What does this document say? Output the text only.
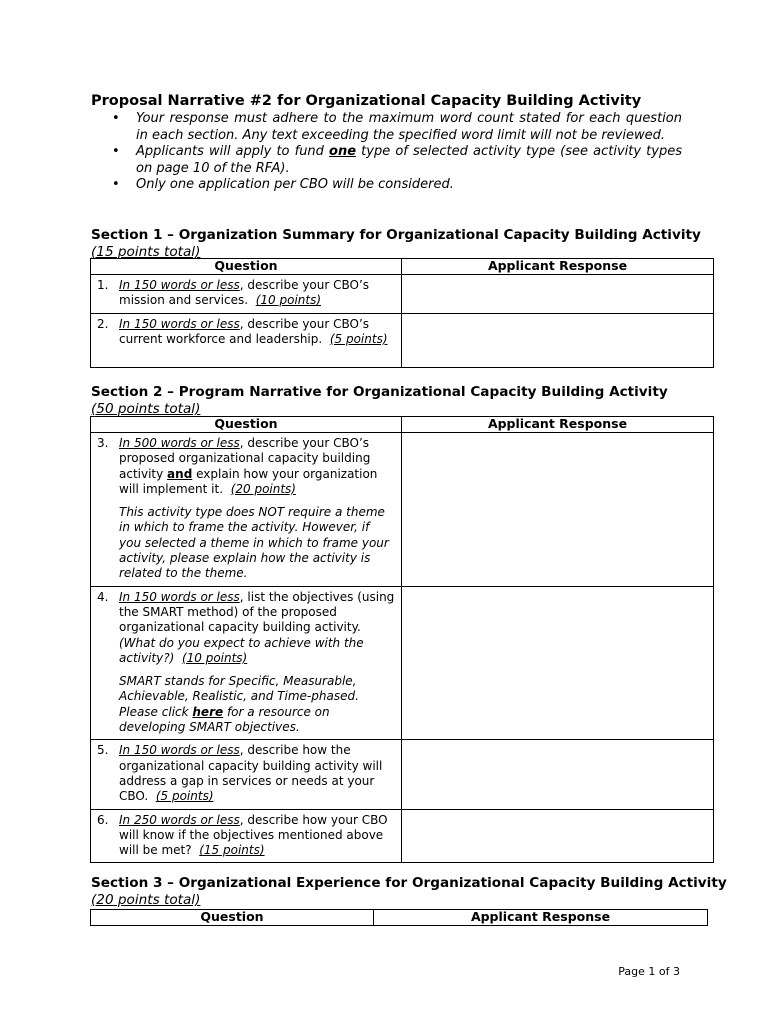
Proposal Narrative #2 for Organizational Capacity Building Activity
• Your response must adhere to the maximum word count stated for each question in each section. Any text exceeding the specified word limit will not be reviewed.
• Applicants will apply to fund one type of selected activity type (see activity types on page 10 of the RFA).
• Only one application per CBO will be considered.
Section 1 – Organization Summary for Organizational Capacity Building Activity  (15 points total)
Question	Applicant Response

1. In 150 words or less, describe your CBO’s mission and services. (10 points)	

2. In 150 words or less, describe your CBO’s current workforce and leadership. (5 points)	

Section 2 – Program Narrative for Organizational Capacity Building Activity
(50 points total)
Question	Applicant Response

3. In 500 words or less, describe your CBO’s proposed organizational capacity building activity and explain how your organization will implement it. (20 points)
This activity type does NOT require a theme in which to frame the activity. However, if you selected a theme in which to frame your activity, please explain how the activity is related to the theme.	

4. In 150 words or less, list the objectives (using the SMART method) of the proposed organizational capacity building activity. (What do you expect to achieve with the activity?) (10 points)
SMART stands for Specific, Measurable, Achievable, Realistic, and Time-phased. Please click here for a resource on developing SMART objectives.	

5. In 150 words or less, describe how the organizational capacity building activity will address a gap in services or needs at your CBO. (5 points)	

6. In 250 words or less, describe how your CBO will know if the objectives mentioned above will be met? (15 points)	

Section 3 – Organizational Experience for Organizational Capacity Building Activity  (20 points total)
Question	Applicant Response
Page 1 of 3
